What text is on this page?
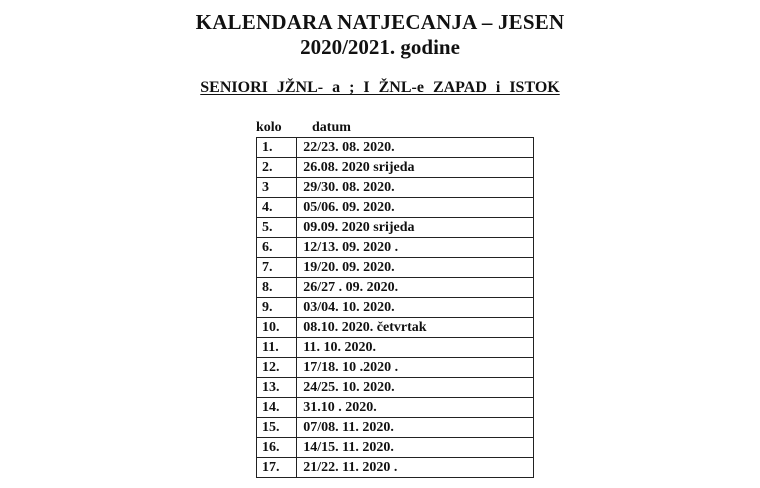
KALENDARA NATJECANJA – JESEN
2020/2021. godine

SENIORI JŽNL- a ; I ŽNL-e ZAPAD i ISTOK

kolo datum
1.	22/23. 08. 2020.
2.	26.08. 2020 srijeda
3	29/30. 08. 2020.
4.	05/06. 09. 2020.
5.	09.09. 2020 srijeda
6.	12/13. 09. 2020 .
7.	19/20. 09. 2020.
8.	26/27 . 09. 2020.
9.	03/04. 10. 2020.
10.	08.10. 2020. četvrtak
11.	11. 10. 2020.
12.	17/18. 10 .2020 .
13.	24/25. 10. 2020.
14.	31.10 . 2020.
15.	07/08. 11. 2020.
16.	14/15. 11. 2020.
17.	21/22. 11. 2020 .
